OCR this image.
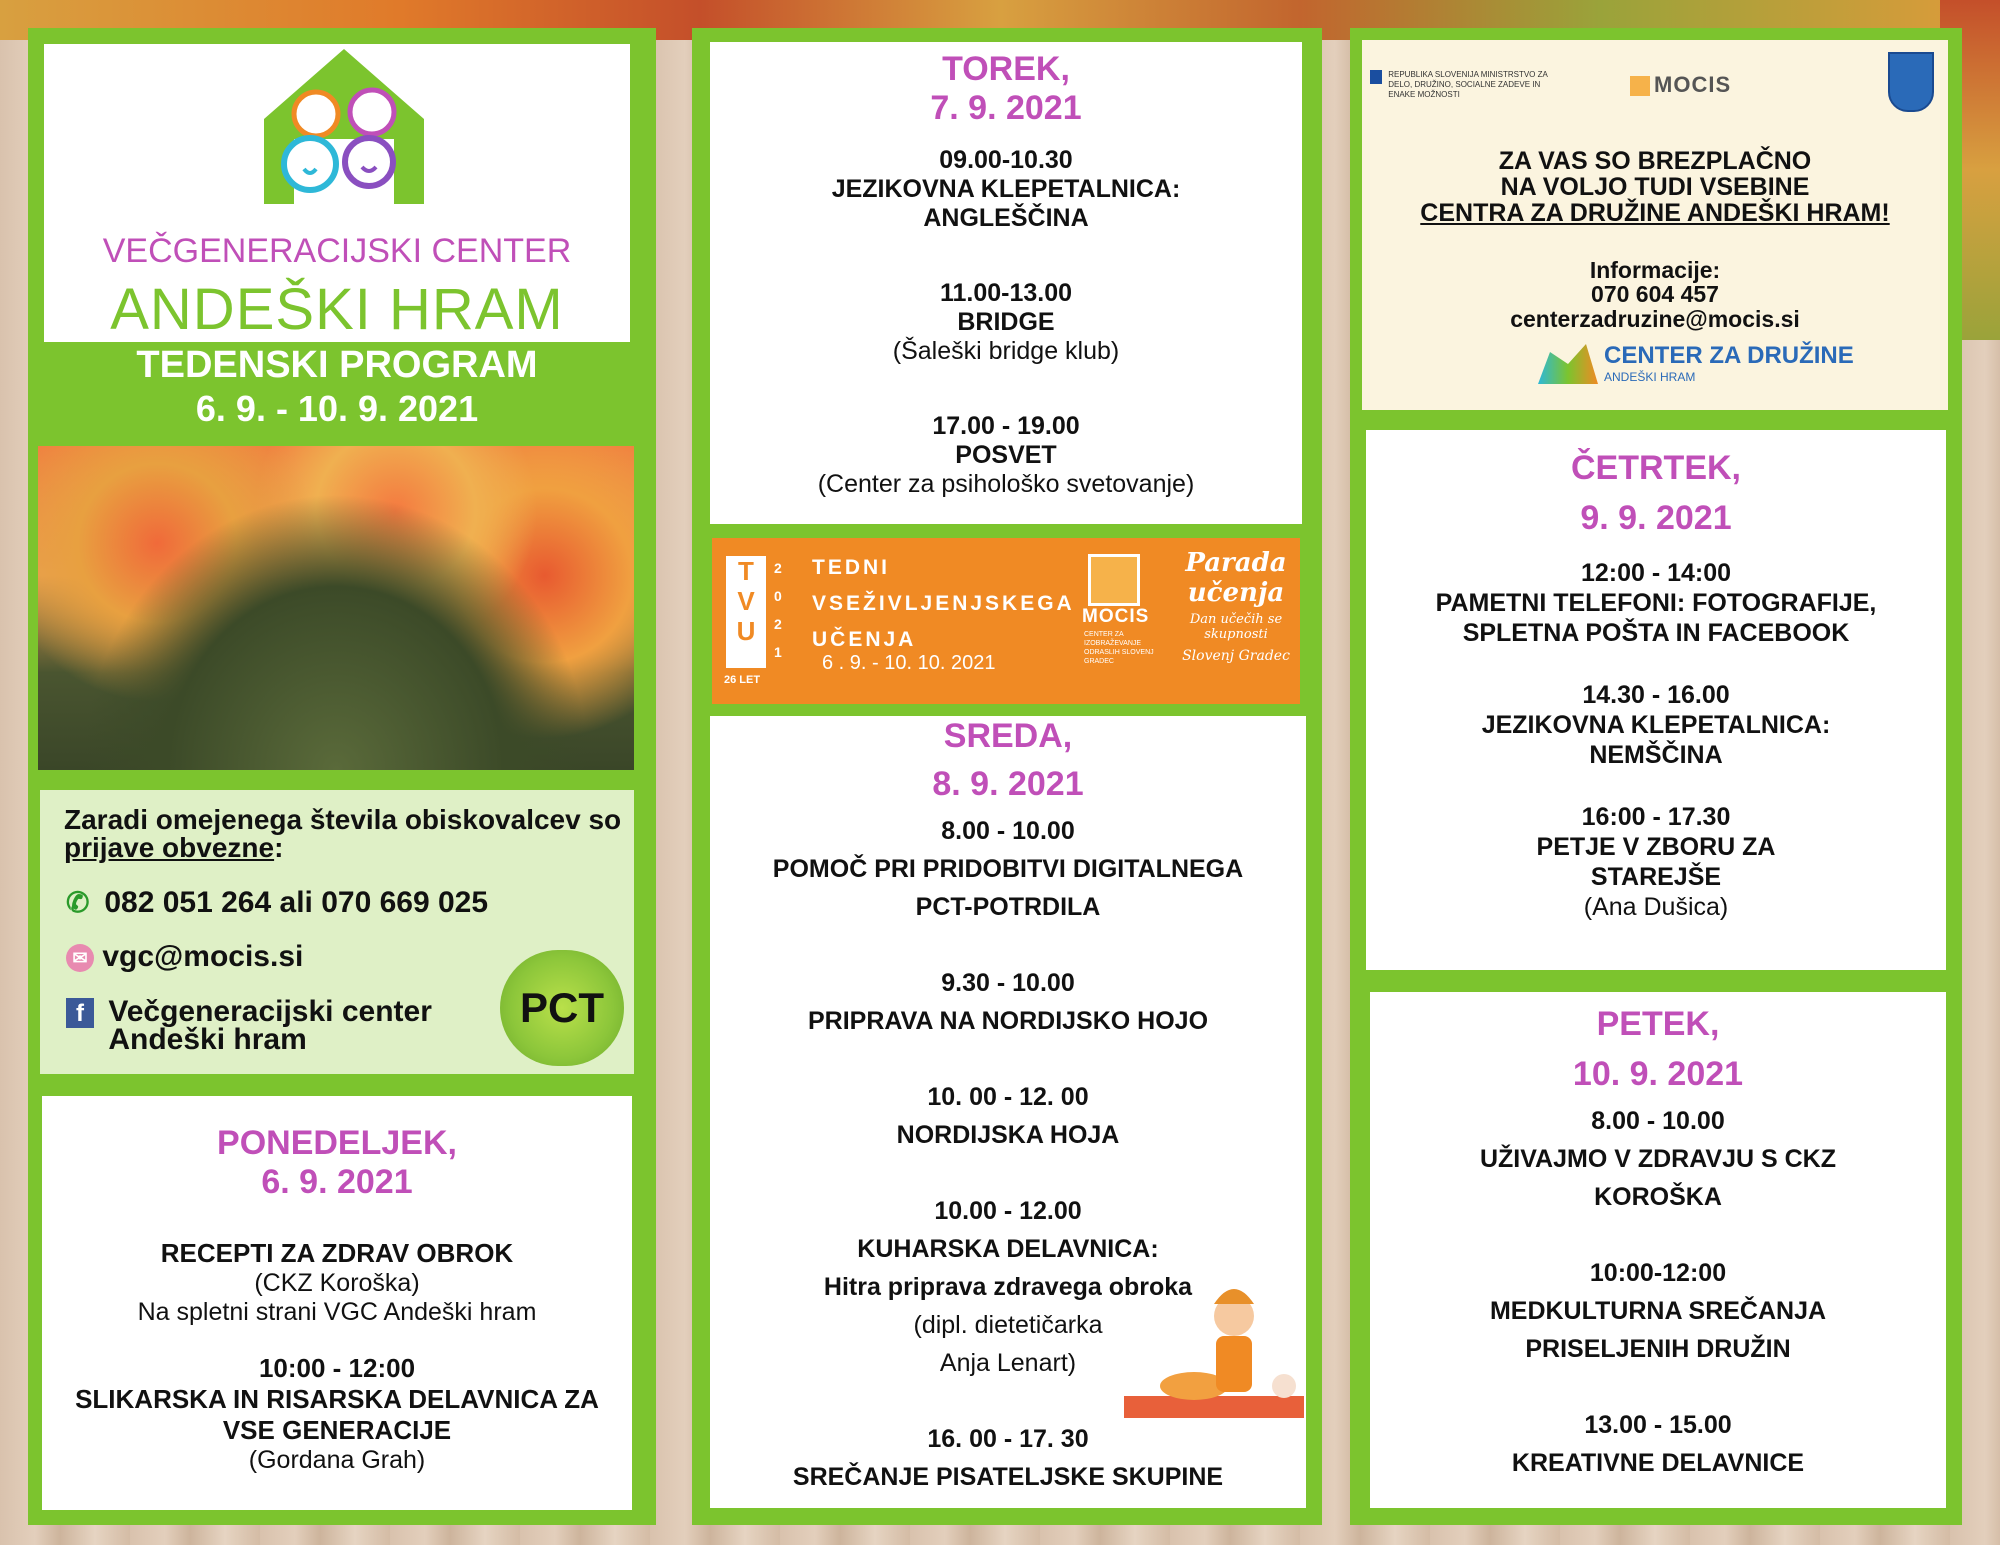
VEČGENERACIJSKI CENTER
ANDEŠKI HRAM
TEDENSKI PROGRAM
6. 9. - 10. 9. 2021
Zaradi omejenega števila obiskovalcev so prijave obvezne:
✆ 082 051 264 ali 070 669 025
✉ vgc@mocis.si
f Večgeneracijski center
Andeški hram
PCT
PONEDELJEK,
6. 9. 2021
RECEPTI ZA ZDRAV OBROK
(CKZ Koroška)
Na spletni strani VGC Andeški hram
10:00 - 12:00
SLIKARSKA IN RISARSKA DELAVNICA ZA
VSE GENERACIJE
(Gordana Grah)
TOREK,
7. 9. 2021
09.00-10.30
JEZIKOVNA KLEPETALNICA:
ANGLEŠČINA
11.00-13.00
BRIDGE
(Šaleški bridge klub)
17.00 - 19.00
POSVET
(Center za psihološko svetovanje)
TVU 2
0
2
1
26 LET
TEDNI
VSEŽIVLJENJSKEGA
UČENJA
6 . 9. - 10. 10. 2021
MOCIS
CENTER ZA IZOBRAŽEVANJE ODRASLIH SLOVENJ GRADEC
Parada
učenja
Dan učečih se skupnosti
Slovenj Gradec
SREDA,
8. 9. 2021
8.00 - 10.00
POMOČ PRI PRIDOBITVI DIGITALNEGA
PCT-POTRDILA
9.30 - 10.00
PRIPRAVA NA NORDIJSKO HOJO
10. 00 - 12. 00
NORDIJSKA HOJA
10.00 - 12.00
KUHARSKA DELAVNICA:
Hitra priprava zdravega obroka
(dipl. dietetičarka
Anja Lenart)
16. 00 - 17. 30
SREČANJE PISATELJSKE SKUPINE
REPUBLIKA SLOVENIJA MINISTRSTVO ZA DELO, DRUŽINO, SOCIALNE ZADEVE IN ENAKE MOŽNOSTI	MOCIS
ZA VAS SO BREZPLAČNO
NA VOLJO TUDI VSEBINE
CENTRA ZA DRUŽINE ANDEŠKI HRAM!
Informacije:
070 604 457
centerzadruzine@mocis.si
CENTER ZA DRUŽINE
ANDEŠKI HRAM
ČETRTEK,
9. 9. 2021
12:00 - 14:00
PAMETNI TELEFONI: FOTOGRAFIJE,
SPLETNA POŠTA IN FACEBOOK
14.30 - 16.00
JEZIKOVNA KLEPETALNICA:
NEMŠČINA
16:00 - 17.30
PETJE V ZBORU ZA
STAREJŠE
(Ana Dušica)
PETEK,
10. 9. 2021
8.00 - 10.00
UŽIVAJMO V ZDRAVJU S CKZ
KOROŠKA
10:00-12:00
MEDKULTURNA SREČANJA
PRISELJENIH DRUŽIN
13.00 - 15.00
KREATIVNE DELAVNICE
